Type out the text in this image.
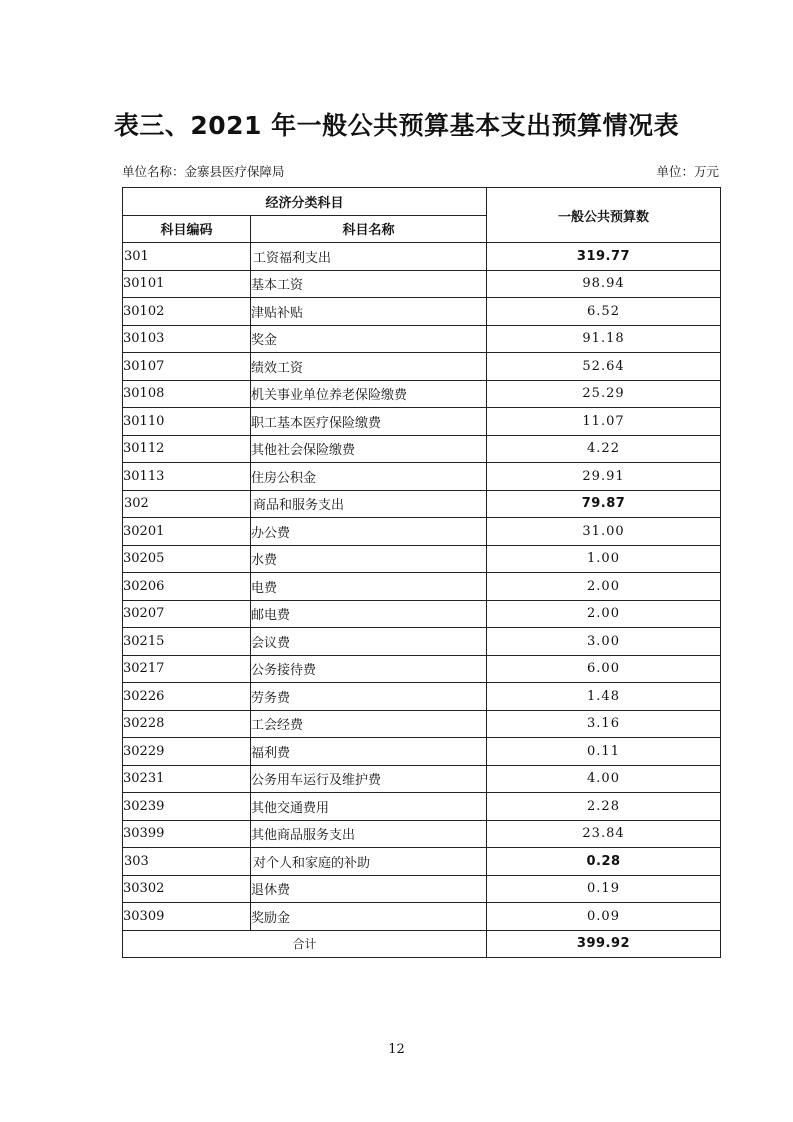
表三、2021 年一般公共预算基本支出预算情况表
单位名称：金寨县医疗保障局	单位：万元
经济分类科目		一般公共预算数
科目编码	科目名称	
301	工资福利支出	319.77
30101	基本工资	98.94
30102	津贴补贴	6.52
30103	奖金	91.18
30107	绩效工资	52.64
30108	机关事业单位养老保险缴费	25.29
30110	职工基本医疗保险缴费	11.07
30112	其他社会保险缴费	4.22
30113	住房公积金	29.91
302	商品和服务支出	79.87
30201	办公费	31.00
30205	水费	1.00
30206	电费	2.00
30207	邮电费	2.00
30215	会议费	3.00
30217	公务接待费	6.00
30226	劳务费	1.48
30228	工会经费	3.16
30229	福利费	0.11
30231	公务用车运行及维护费	4.00
30239	其他交通费用	2.28
30399	其他商品服务支出	23.84
303	对个人和家庭的补助	0.28
30302	退休费	0.19
30309	奖励金	0.09
合计		399.92
12
